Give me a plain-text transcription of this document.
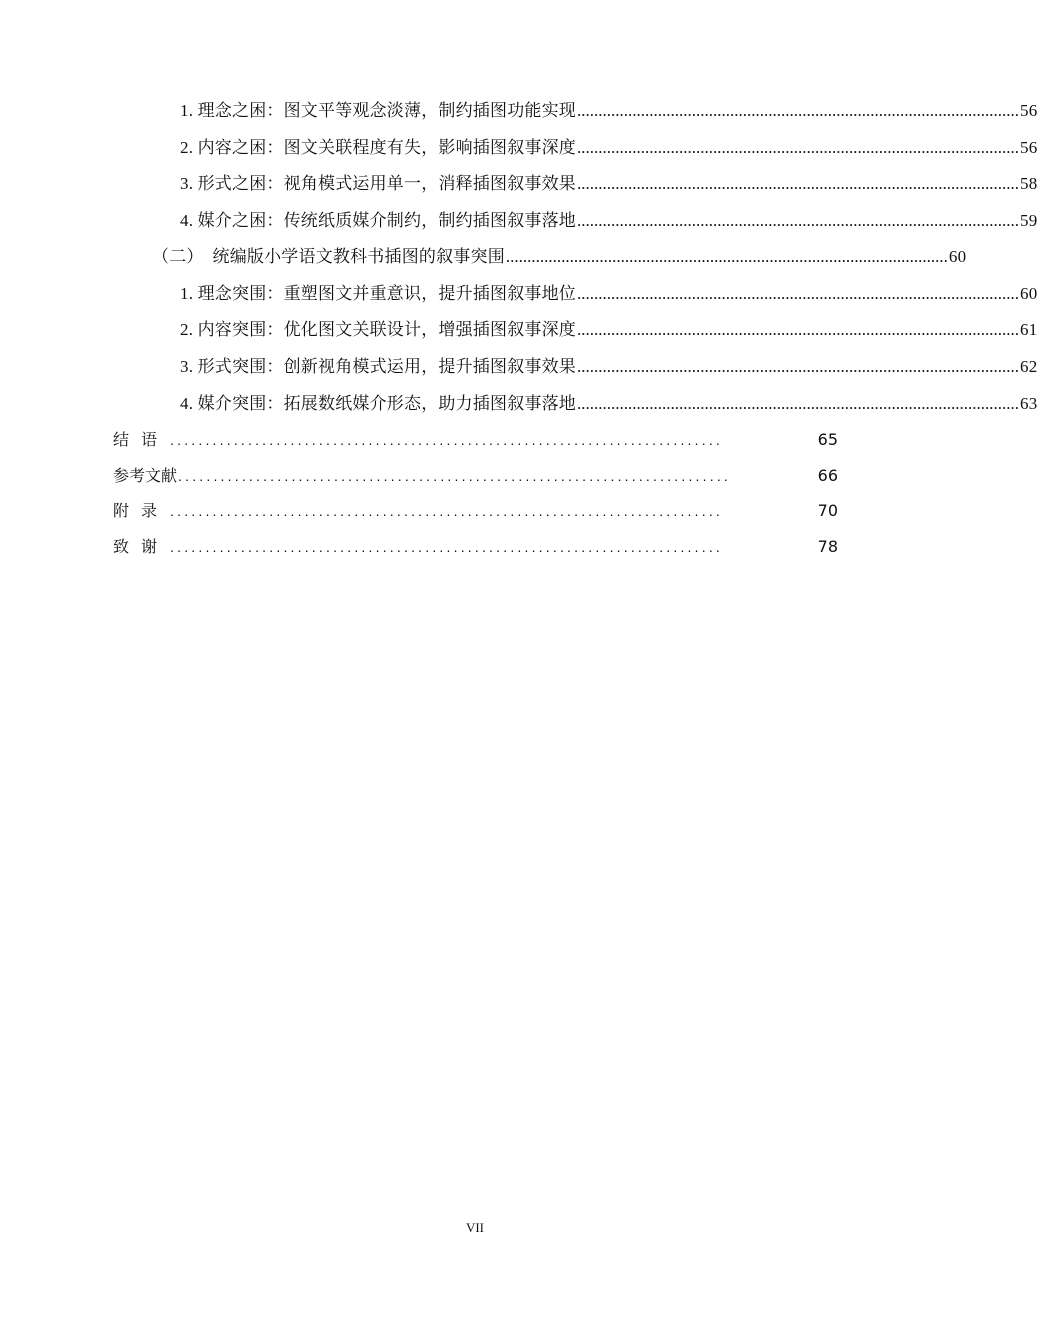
1. 理念之困：图文平等观念淡薄，制约插图功能实现 ........................................................................................................ 56
2. 内容之困：图文关联程度有失，影响插图叙事深度 ........................................................................................................ 56
3. 形式之困：视角模式运用单一，消释插图叙事效果 ........................................................................................................ 58
4. 媒介之困：传统纸质媒介制约，制约插图叙事落地 ........................................................................................................ 59
（二）  统编版小学语文教科书插图的叙事突围 ........................................................................................................ 60
1. 理念突围：重塑图文并重意识，提升插图叙事地位 ........................................................................................................ 60
2. 内容突围：优化图文关联设计，增强插图叙事深度 ........................................................................................................ 61
3. 形式突围：创新视角模式运用，提升插图叙事效果 ........................................................................................................ 62
4. 媒介突围：拓展数纸媒介形态，助力插图叙事落地 ........................................................................................................ 63
结语 ..............................................................................	65
参考文献 ..............................................................................	66
附录 ..............................................................................	70
致谢 ..............................................................................	78
VII
